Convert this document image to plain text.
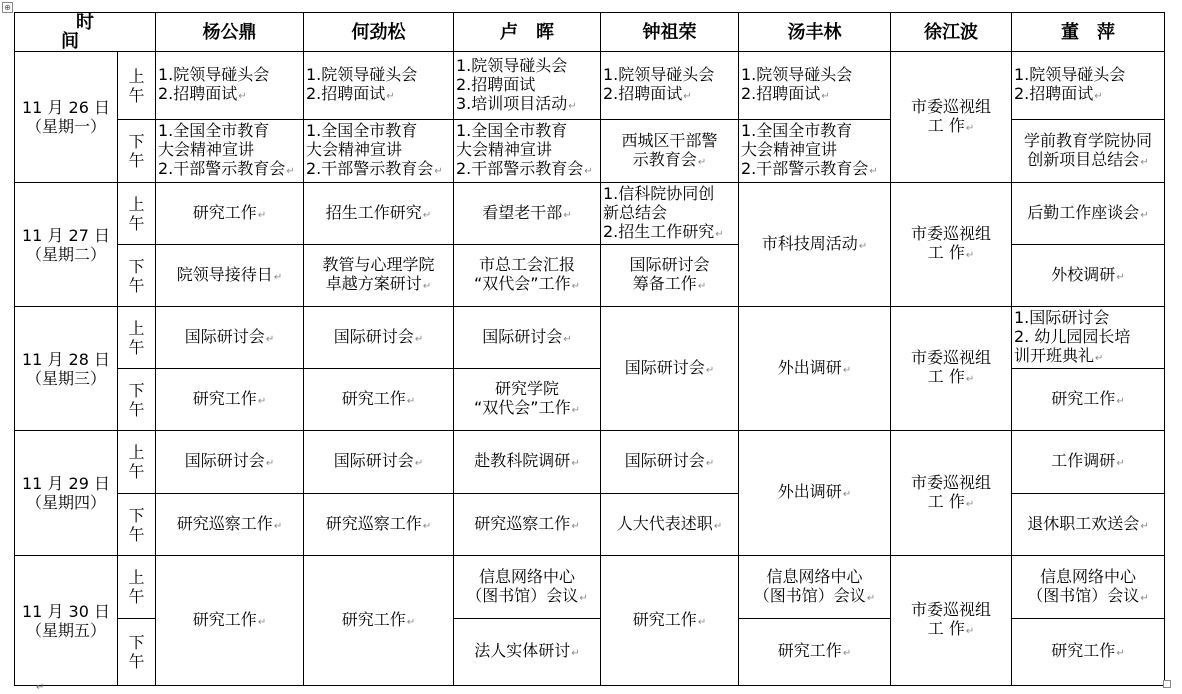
⊕
时　间		杨公鼎	何劲松	卢　晖	钟祖荣	汤丰林	徐江波	董　萍

11 月 26 日
（星期一）	上
午	1.院领导碰头会
2.招聘面试↵	1.院领导碰头会
2.招聘面试↵	1.院领导碰头会
2.招聘面试
3.培训项目活动↵	1.院领导碰头会
2.招聘面试↵	1.院领导碰头会
2.招聘面试↵	市委巡视组
工 作↵	1.院领导碰头会
2.招聘面试↵

	下
午	1.全国全市教育
大会精神宣讲
2.干部警示教育会↵	1.全国全市教育
大会精神宣讲
2.干部警示教育会↵	1.全国全市教育
大会精神宣讲
2.干部警示教育会↵	西城区干部警
示教育会↵	1.全国全市教育
大会精神宣讲
2.干部警示教育会↵		学前教育学院协同
创新项目总结会↵

11 月 27 日
（星期二）	上
午	研究工作↵	招生工作研究↵	看望老干部↵	1.信科院协同创
新总结会
2.招生工作研究↵	市科技周活动↵	市委巡视组
工 作↵	后勤工作座谈会↵

	下
午	院领导接待日↵	教管与心理学院
卓越方案研讨↵	市总工会汇报
“双代会”工作↵	国际研讨会
筹备工作↵			外校调研↵

11 月 28 日
（星期三）	上
午	国际研讨会↵	国际研讨会↵	国际研讨会↵	国际研讨会↵	外出调研↵	市委巡视组
工 作↵	1.国际研讨会
2. 幼儿园园长培
训开班典礼↵

	下
午	研究工作↵	研究工作↵	研究学院
“双代会”工作↵				研究工作↵

11 月 29 日
（星期四）	上
午	国际研讨会↵	国际研讨会↵	赴教科院调研↵	国际研讨会↵	外出调研↵	市委巡视组
工 作↵	工作调研↵

	下
午	研究巡察工作↵	研究巡察工作↵	研究巡察工作↵	人大代表述职↵			退休职工欢送会↵

11 月 30 日
（星期五）	上
午	研究工作↵	研究工作↵	信息网络中心
（图书馆）会议↵	研究工作↵	信息网络中心
（图书馆）会议↵	市委巡视组
工 作↵	信息网络中心
（图书馆）会议↵

	下
午			法人实体研讨↵		研究工作↵		研究工作↵
↵
